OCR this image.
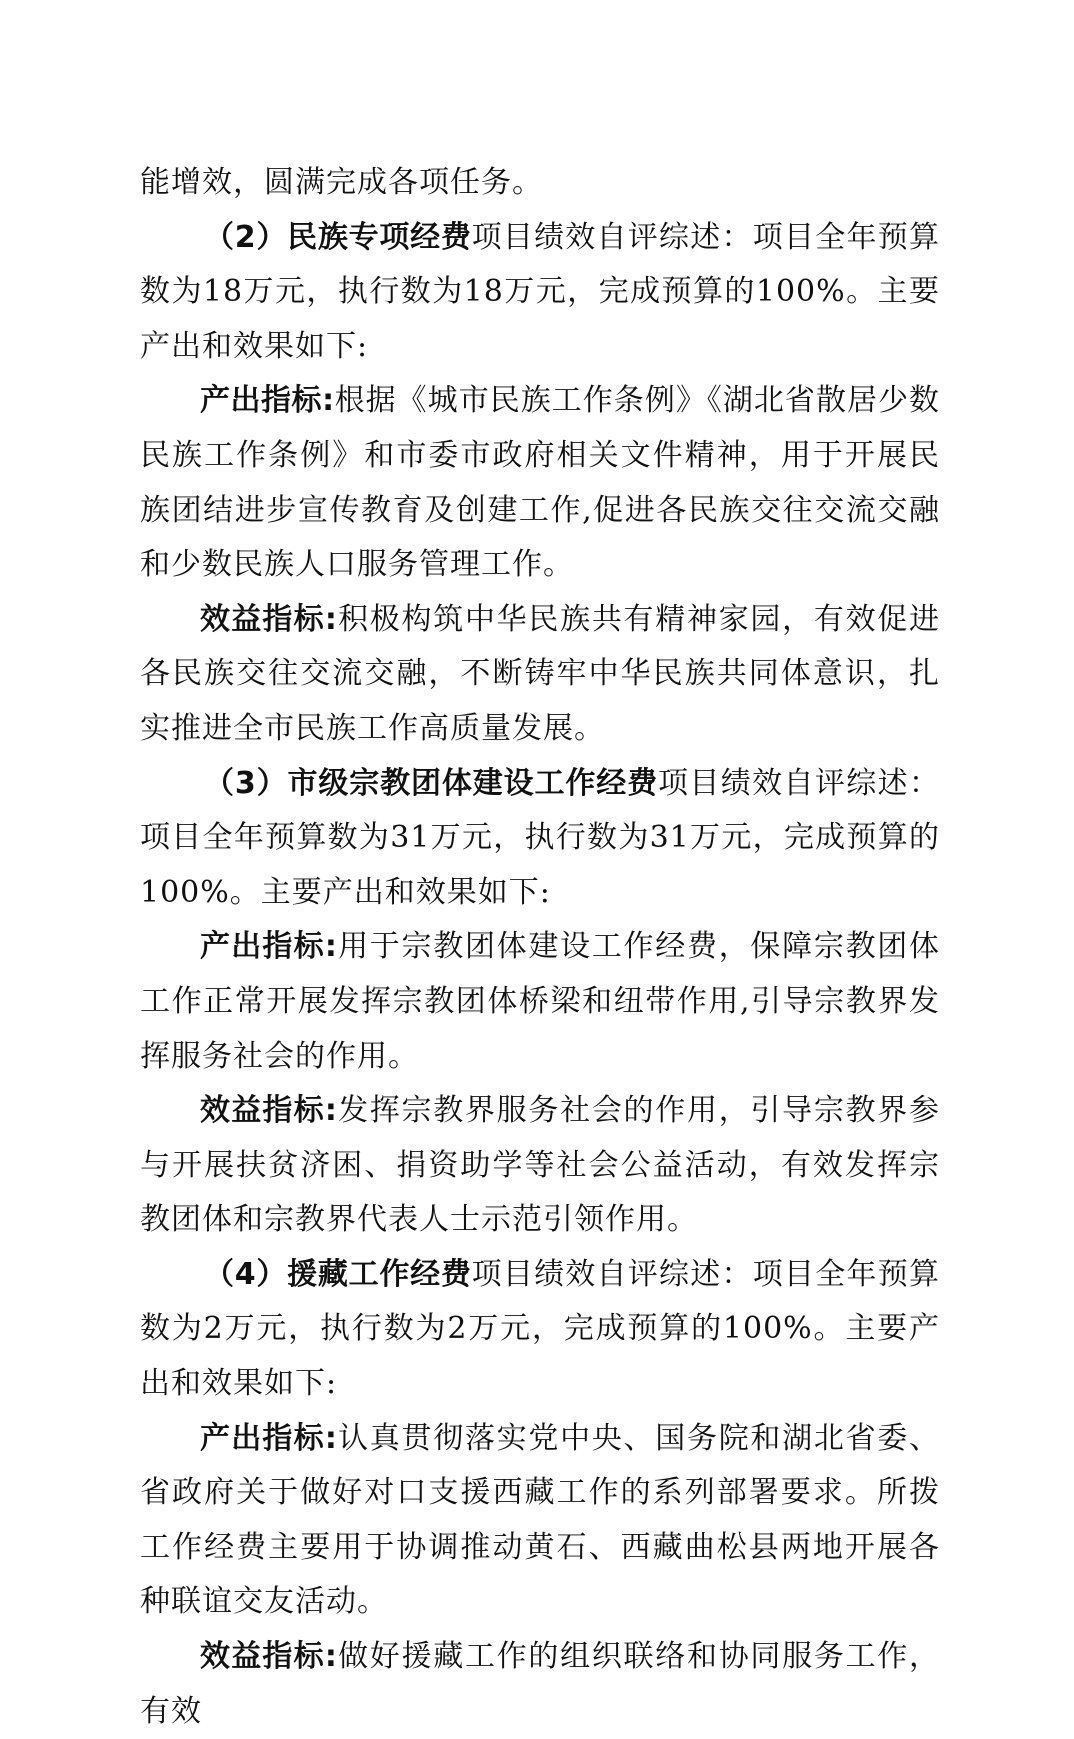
能增效，圆满完成各项任务。

（2）民族专项经费项目绩效自评综述：项目全年预算数为18万元，执行数为18万元，完成预算的100%。主要产出和效果如下:

产出指标:根据《城市民族工作条例》《湖北省散居少数民族工作条例》和市委市政府相关文件精神，用于开展民族团结进步宣传教育及创建工作,促进各民族交往交流交融和少数民族人口服务管理工作。

效益指标:积极构筑中华民族共有精神家园，有效促进各民族交往交流交融，不断铸牢中华民族共同体意识，扎实推进全市民族工作高质量发展。

（3）市级宗教团体建设工作经费项目绩效自评综述：项目全年预算数为31万元，执行数为31万元，完成预算的100%。主要产出和效果如下:

产出指标:用于宗教团体建设工作经费，保障宗教团体工作正常开展发挥宗教团体桥梁和纽带作用,引导宗教界发挥服务社会的作用。

效益指标:发挥宗教界服务社会的作用，引导宗教界参与开展扶贫济困、捐资助学等社会公益活动，有效发挥宗教团体和宗教界代表人士示范引领作用。

（4）援藏工作经费项目绩效自评综述：项目全年预算数为2万元，执行数为2万元，完成预算的100%。主要产出和效果如下:

产出指标:认真贯彻落实党中央、国务院和湖北省委、省政府关于做好对口支援西藏工作的系列部署要求。所拨工作经费主要用于协调推动黄石、西藏曲松县两地开展各种联谊交友活动。

效益指标:做好援藏工作的组织联络和协同服务工作，有效
